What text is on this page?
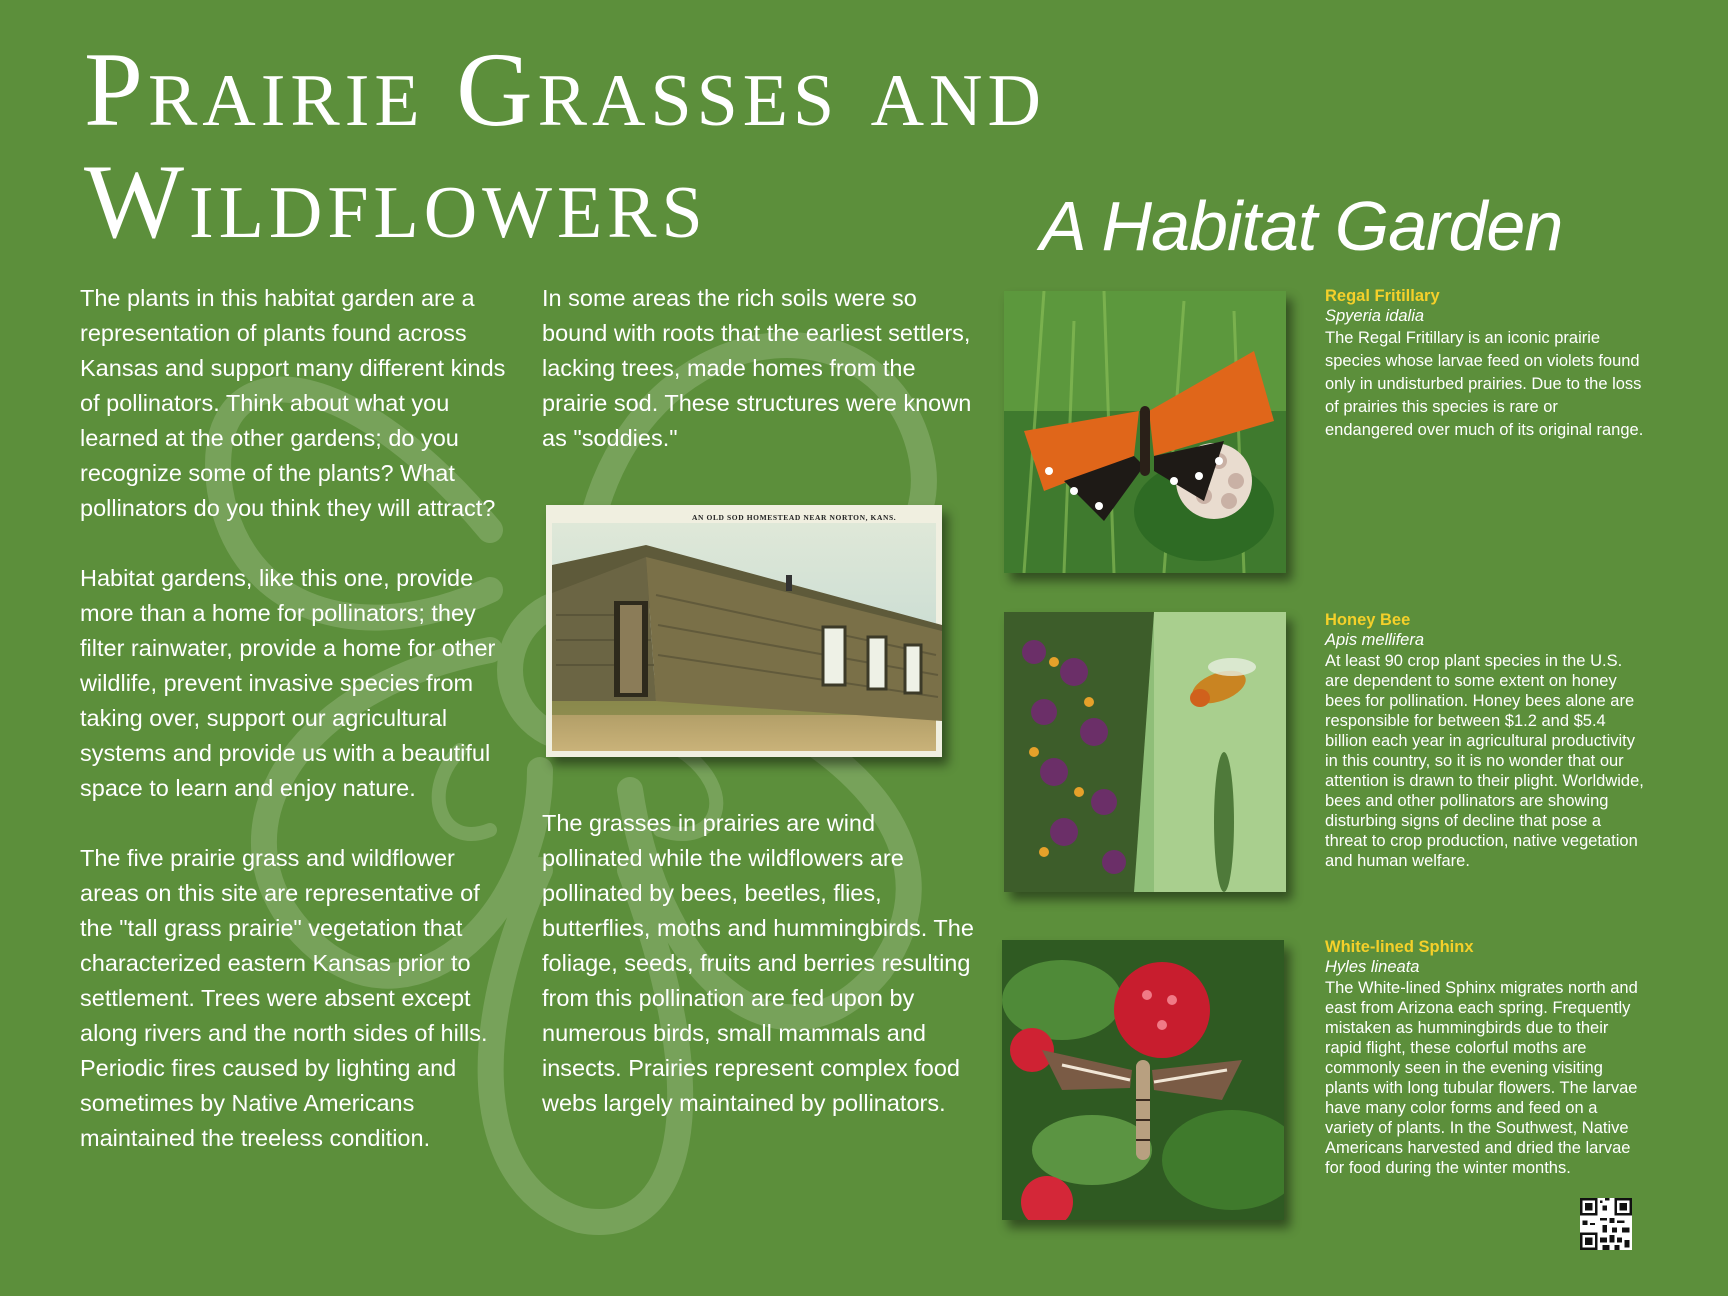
Prairie Grasses and
Wildflowers	A Habitat Garden

The plants in this habitat garden are a representation of plants found across Kansas and support many different kinds of pollinators. Think about what you learned at the other gardens; do you recognize some of the plants? What pollinators do you think they will attract?

Habitat gardens, like this one, provide more than a home for pollinators; they filter rainwater, provide a home for other wildlife, prevent invasive species from taking over, support our agricultural systems and provide us with a beautiful space to learn and enjoy nature.

The five prairie grass and wildflower areas on this site are representative of the "tall grass prairie" vegetation that characterized eastern Kansas prior to settlement. Trees were absent except along rivers and the north sides of hills. Periodic fires caused by lighting and sometimes by Native Americans maintained the treeless condition.

In some areas the rich soils were so bound with roots that the earliest settlers, lacking trees, made homes from the prairie sod. These structures were known as "soddies."
AN OLD SOD HOMESTEAD NEAR NORTON, KANS.
The grasses in prairies are wind pollinated while the wildflowers are pollinated by bees, beetles, flies, butterflies, moths and hummingbirds. The foliage, seeds, fruits and berries resulting from this pollination are fed upon by numerous birds, small mammals and insects. Prairies represent complex food webs largely maintained by pollinators.
Regal Fritillary
Spyeria idalia
The Regal Fritillary is an iconic prairie species whose larvae feed on violets found only in undisturbed prairies. Due to the loss of prairies this species is rare or endangered over much of its original range.
Honey Bee
Apis mellifera
At least 90 crop plant species in the U.S. are dependent to some extent on honey bees for pollination. Honey bees alone are responsible for between $1.2 and $5.4 billion each year in agricultural productivity in this country, so it is no wonder that our attention is drawn to their plight. Worldwide, bees and other pollinators are showing disturbing signs of decline that pose a threat to crop production, native vegetation and human welfare.
White-lined Sphinx
Hyles lineata
The White-lined Sphinx migrates north and east from Arizona each spring. Frequently mistaken as hummingbirds due to their rapid flight, these colorful moths are commonly seen in the evening visiting plants with long tubular flowers. The larvae have many color forms and feed on a variety of plants. In the Southwest, Native Americans harvested and dried the larvae for food during the winter months.
